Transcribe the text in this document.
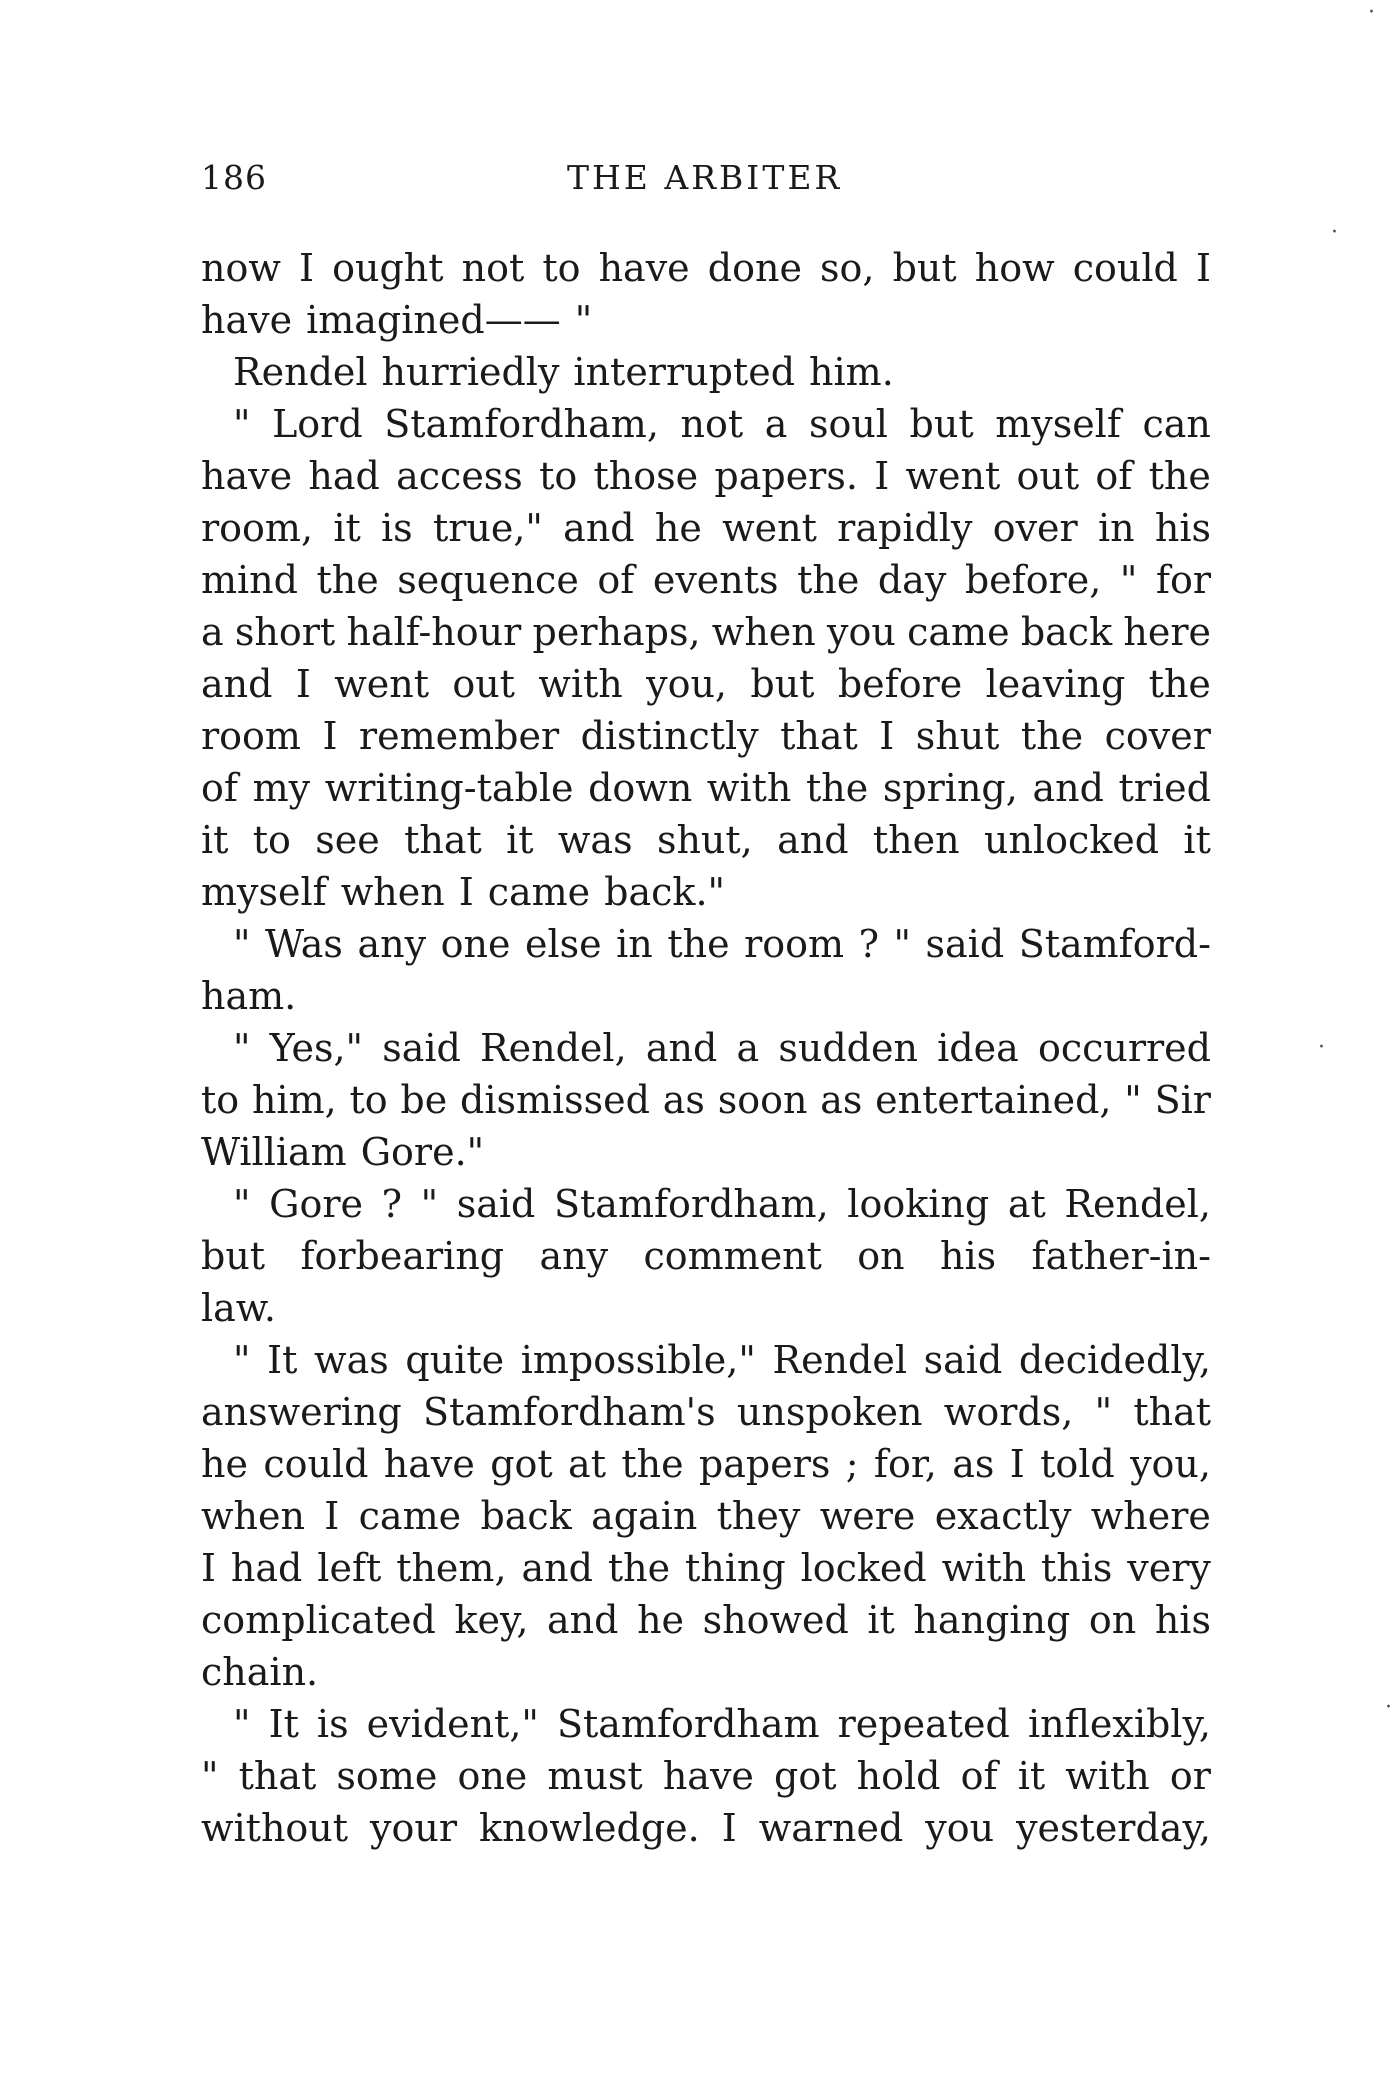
186	THE ARBITER
now I ought not to have done so, but how could I
have imagined—— "
Rendel hurriedly interrupted him.
" Lord Stamfordham, not a soul but myself can
have had access to those papers. I went out of the
room, it is true," and he went rapidly over in his
mind the sequence of events the day before, " for
a short half-hour perhaps, when you came back here
and I went out with you, but before leaving the
room I remember distinctly that I shut the cover
of my writing-table down with the spring, and tried
it to see that it was shut, and then unlocked it
myself when I came back."
" Was any one else in the room ? " said Stamford-
ham.
" Yes," said Rendel, and a sudden idea occurred
to him, to be dismissed as soon as entertained, " Sir
William Gore."
" Gore ? " said Stamfordham, looking at Rendel,
but forbearing any comment on his father-in-
law.
" It was quite impossible," Rendel said decidedly,
answering Stamfordham's unspoken words, " that
he could have got at the papers ; for, as I told you,
when I came back again they were exactly where
I had left them, and the thing locked with this very
complicated key, and he showed it hanging on his
chain.
" It is evident," Stamfordham repeated inflexibly,
" that some one must have got hold of it with or
without your knowledge. I warned you yesterday,
·
·
·
·
